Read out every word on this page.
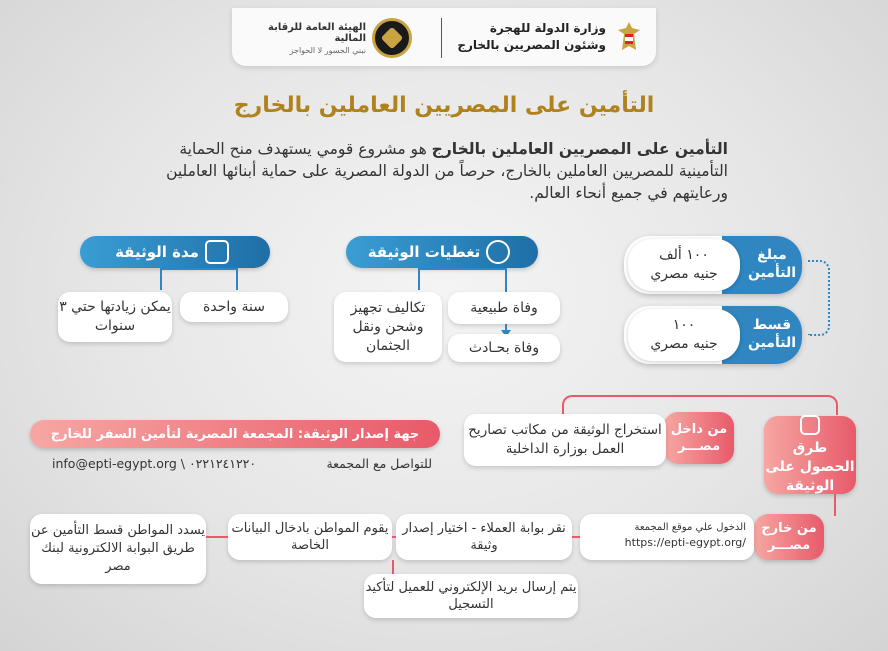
الهيئة العامة للرقابة المالية
نبني الجسور لا الحواجز
وزارة الدولة للهجرة
وشئون المصريين بالخارج
التأمين على المصريين العاملين بالخارج
التأمين على المصريين العاملين بالخارج هو مشروع قومي يستهدف منح الحماية التأمينية للمصريين العاملين بالخارج، حرصاً من الدولة المصرية على حماية أبنائها العاملين ورعايتهم في جميع أنحاء العالم.
١٠٠ ألف
جنيه مصري
مبلغ التأمين
١٠٠
جنيه مصري
قسط التأمين
تغطيات الوثيقة
وفاة طبيعية
وفاة بحـادث
تكاليف تجهيز وشحن ونقل الجثمان
مدة الوثيقة
سنة واحدة
يمكن زيادتها حتي ٣ سنوات
طرق الحصول على الوثيقة
من داخل مصـــر
استخراج الوثيقة من مكاتب تصاريح العمل بوزارة الداخلية
من خارج مصـــر
الدخول علي موقع المجمعة
https://epti-egypt.org/
نقر بوابة العملاء - اختيار إصدار وثيقة
يقوم المواطن بادخال البيانات الخاصة
يسدد المواطن قسط التأمين عن طريق البوابة الالكترونية لبنك مصر
يتم إرسال بريد الإلكتروني للعميل لتأكيد التسجيل
جهة إصدار الوثيقة: المجمعة المصرية لتأمين السفر للخارج
للتواصل مع المجمعة
info@epti-egypt.org \ ٠٢٢١٢٤١٢٢٠
